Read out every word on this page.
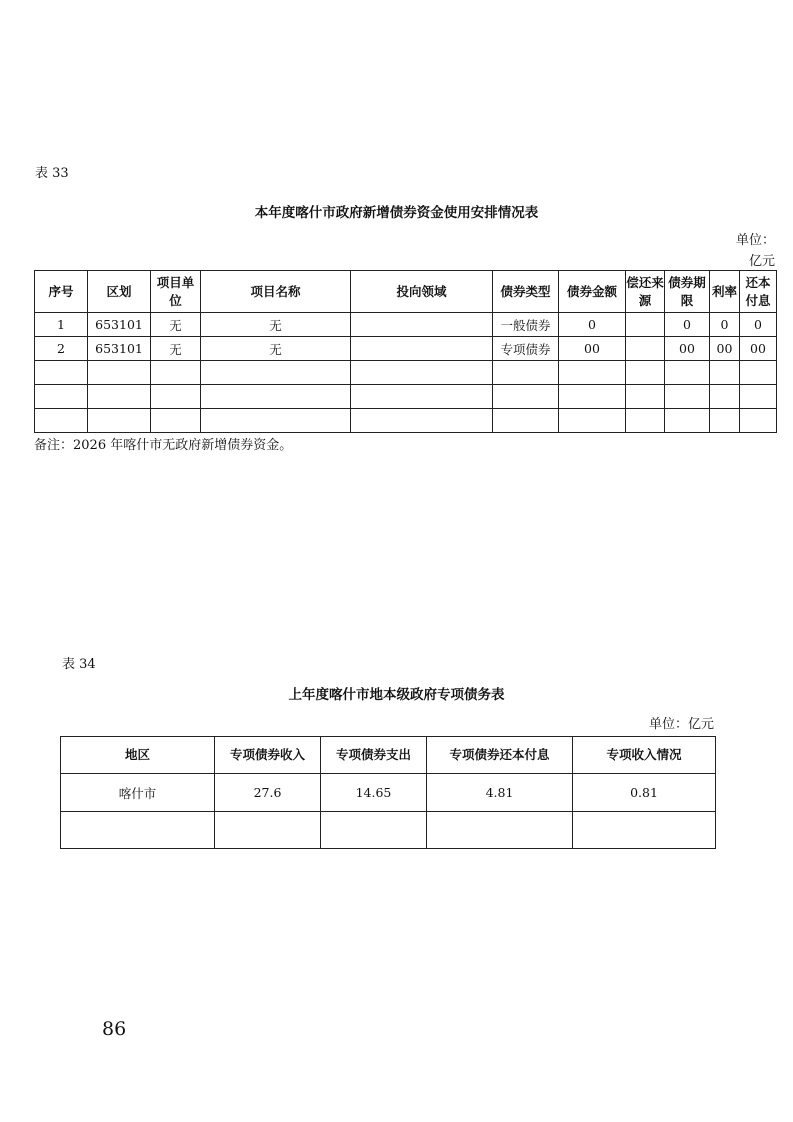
表 33
本年度喀什市政府新增债券资金使用安排情况表
单位：
亿元
序号	区划	项目单位	项目名称	投向领域	债券类型	债券金额	偿还来源	债券期限	利率	还本付息
1	653101	无	无		一般债券	0		0	0	0
2	653101	无	无		专项债券	00		00	00	00

备注：2026 年喀什市无政府新增债券资金。
表 34
上年度喀什市地本级政府专项债务表
单位：亿元
地区	专项债券收入	专项债券支出	专项债券还本付息	专项收入情况
喀什市	27.6	14.65	4.81	0.81

86
